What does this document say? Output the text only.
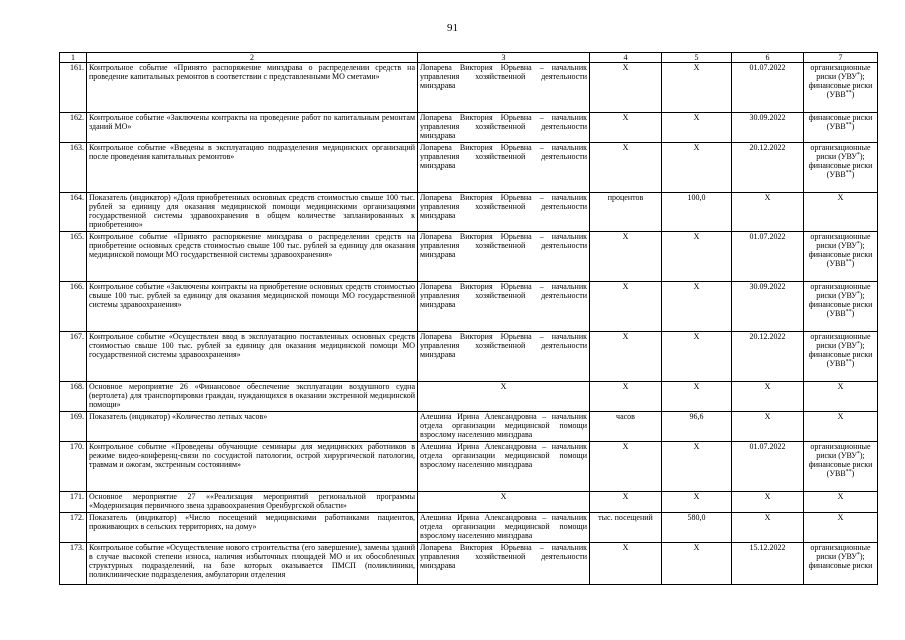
91
1	2	3	4	5	6	7
161.	Контрольное событие «Принято распоряжение минздрава о распределении средств на проведение капитальных ремонтов в соответствии с представленными МО сметами»	Лопарева Виктория Юрьевна – начальник управления хозяйственной деятельности минздрава	Х	Х	01.07.2022	организационные риски (УВУ*); финансовые риски (УВВ**)
162.	Контрольное событие «Заключены контракты на проведение работ по капитальным ремонтам зданий МО»	Лопарева Виктория Юрьевна – начальник управления хозяйственной деятельности минздрава	Х	Х	30.09.2022	финансовые риски (УВВ**)
163.	Контрольное событие «Введены в эксплуатацию подразделения медицинских организаций после проведения капитальных ремонтов»	Лопарева Виктория Юрьевна – начальник управления хозяйственной деятельности минздрава	Х	Х	20.12.2022	организационные риски (УВУ*); финансовые риски (УВВ**)
164.	Показатель (индикатор) «Доля приобретенных основных средств стоимостью свыше 100 тыс. рублей за единицу для оказания медицинской помощи медицинскими организациями государственной системы здравоохранения в общем количестве запланированных к приобретению»	Лопарева Виктория Юрьевна – начальник управления хозяйственной деятельности минздрава	процентов	100,0	Х	Х
165.	Контрольное событие «Принято распоряжение минздрава о распределении средств на приобретение основных средств стоимостью свыше 100 тыс. рублей за единицу для оказания медицинской помощи МО государственной системы здравоохранения»	Лопарева Виктория Юрьевна – начальник управления хозяйственной деятельности минздрава	Х	Х	01.07.2022	организационные риски (УВУ*); финансовые риски (УВВ**)
166.	Контрольное событие «Заключены контракты на приобретение основных средств стоимостью свыше 100 тыс. рублей за единицу для оказания медицинской помощи МО государственной системы здравоохранения»	Лопарева Виктория Юрьевна – начальник управления хозяйственной деятельности минздрава	Х	Х	30.09.2022	организационные риски (УВУ*); финансовые риски (УВВ**)
167.	Контрольное событие «Осуществлен ввод в эксплуатацию поставленных основных средств стоимостью свыше 100 тыс. рублей за единицу для оказания медицинской помощи МО государственной системы здравоохранения»	Лопарева Виктория Юрьевна – начальник управления хозяйственной деятельности минздрава	Х	Х	20.12.2022	организационные риски (УВУ*); финансовые риски (УВВ**)
168.	Основное мероприятие 26 «Финансовое обеспечение эксплуатации воздушного судна (вертолета) для транспортировки граждан, нуждающихся в оказании экстренной медицинской помощи»	Х	Х	Х	Х	Х
169.	Показатель (индикатор) «Количество летных часов»	Алешина Ирина Александровна – начальник отдела организации медицинской помощи взрослому населению минздрава	часов	96,6	Х	Х
170.	Контрольное событие «Проведены обучающие семинары для медицинских работников в режиме видео-конференц-связи по сосудистой патологии, острой хирургической патологии, травмам и ожогам, экстренным состояниям»	Алешина Ирина Александровна – начальник отдела организации медицинской помощи взрослому населению минздрава	Х	Х	01.07.2022	организационные риски (УВУ*); финансовые риски (УВВ**)
171.	Основное мероприятие 27 ««Реализация мероприятий региональной программы «Модернизация первичного звена здравоохранения Оренбургской области»	Х	Х	Х	Х	Х
172.	Показатель (индикатор) «Число посещений медицинскими работниками пациентов, проживающих в сельских территориях, на дому»	Алешина Ирина Александровна – начальник отдела организации медицинской помощи взрослому населению минздрава	тыс. посещений	580,0	Х	Х
173.	Контрольное событие «Осуществление нового строительства (его завершение), замены зданий в случае высокой степени износа, наличия избыточных площадей МО и их обособленных структурных подразделений, на базе которых оказывается ПМСП (поликлиники, поликлинические подразделения, амбулатории отделения	Лопарева Виктория Юрьевна – начальник управления хозяйственной деятельности минздрава	Х	Х	15.12.2022	организационные риски (УВУ*); финансовые риски
